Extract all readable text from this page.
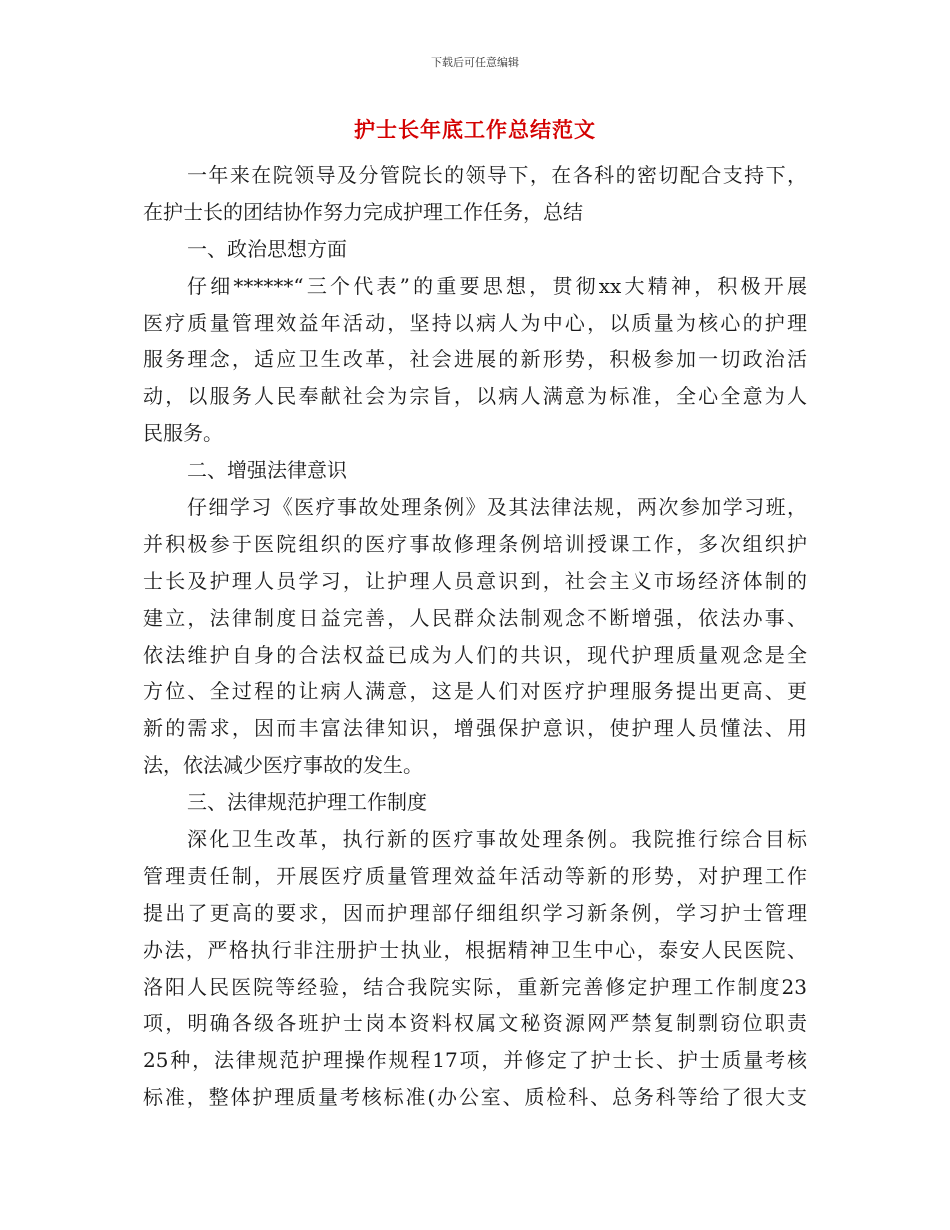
下载后可任意编辑
护士长年底工作总结范文
一年来在院领导及分管院长的领导下，在各科的密切配合支持下，
在护士长的团结协作努力完成护理工作任务，总结
一、政治思想方面
仔细******“三个代表”的重要思想，贯彻xx大精神，积极开展
医疗质量管理效益年活动，坚持以病人为中心，以质量为核心的护理
服务理念，适应卫生改革，社会进展的新形势，积极参加一切政治活
动，以服务人民奉献社会为宗旨，以病人满意为标准，全心全意为人
民服务。
二、增强法律意识
仔细学习《医疗事故处理条例》及其法律法规，两次参加学习班，
并积极参于医院组织的医疗事故修理条例培训授课工作，多次组织护
士长及护理人员学习，让护理人员意识到，社会主义市场经济体制的
建立，法律制度日益完善，人民群众法制观念不断增强，依法办事、
依法维护自身的合法权益已成为人们的共识，现代护理质量观念是全
方位、全过程的让病人满意，这是人们对医疗护理服务提出更高、更
新的需求，因而丰富法律知识，增强保护意识，使护理人员懂法、用
法，依法减少医疗事故的发生。
三、法律规范护理工作制度
深化卫生改革，执行新的医疗事故处理条例。我院推行综合目标
管理责任制，开展医疗质量管理效益年活动等新的形势，对护理工作
提出了更高的要求，因而护理部仔细组织学习新条例，学习护士管理
办法，严格执行非注册护士执业，根据精神卫生中心，泰安人民医院、
洛阳人民医院等经验，结合我院实际，重新完善修定护理工作制度23
项，明确各级各班护士岗本资料权属文秘资源网严禁复制剽窃位职责
25种，法律规范护理操作规程17项，并修定了护士长、护士质量考核
标准，整体护理质量考核标准(办公室、质检科、总务科等给了很大支
